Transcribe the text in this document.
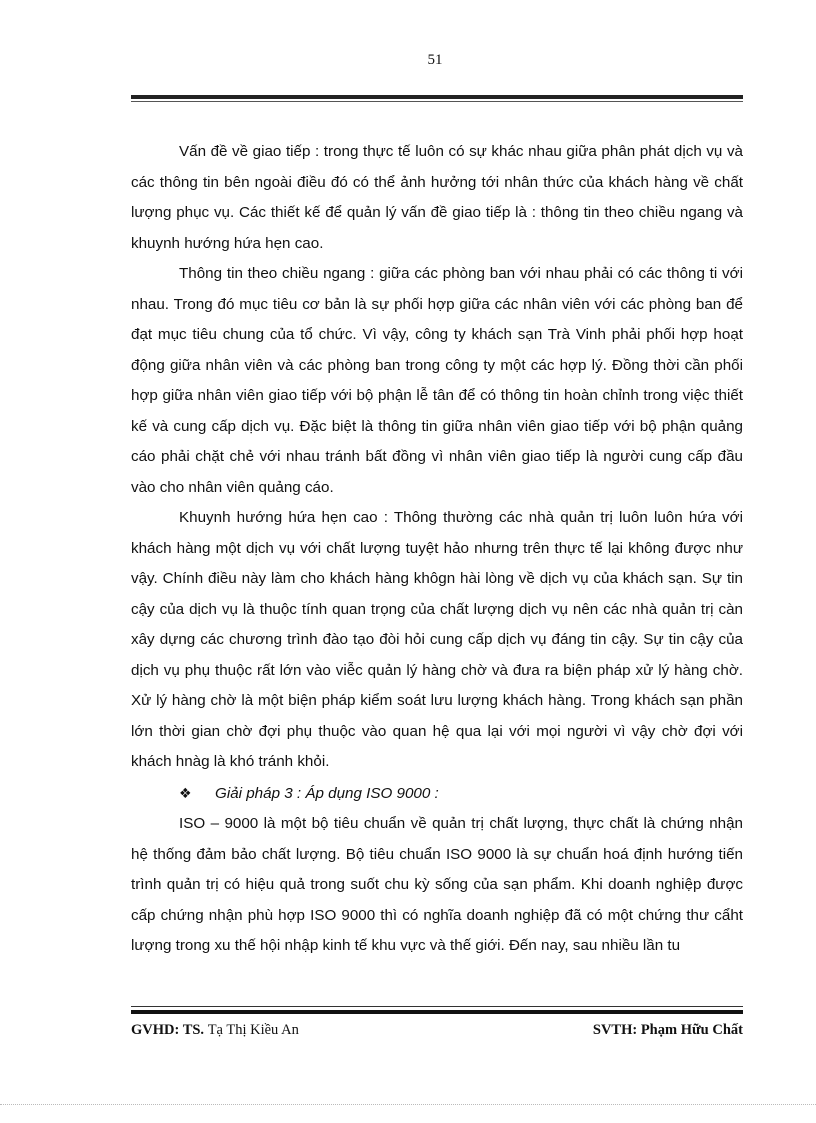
51

Vấn đề về giao tiếp : trong thực tế luôn có sự khác nhau giữa phân phát dịch vụ và các thông tin bên ngoài điều đó có thể ảnh hưởng tới nhân thức của khách hàng về chất lượng phục vụ. Các thiết kế để quản lý vấn đề giao tiếp là : thông tin theo chiều ngang và khuynh hướng hứa hẹn cao.

Thông tin theo chiều ngang : giữa các phòng ban với nhau phải có các thông ti với nhau. Trong đó mục tiêu cơ bản là sự phối hợp giữa các nhân viên với các phòng ban để đạt mục tiêu chung của tổ chức. Vì vậy, công ty khách sạn Trà Vinh phải phối hợp hoạt động giữa nhân viên và các phòng ban trong công ty một các hợp lý. Đồng thời cần phối hợp giữa nhân viên giao tiếp với bộ phận lễ tân để có thông tin hoàn chỉnh trong việc thiết kế và cung cấp dịch vụ. Đặc biệt là thông tin giữa nhân viên giao tiếp với bộ phận quảng cáo phải chặt chẻ với nhau tránh bất đồng vì nhân viên giao tiếp là người cung cấp đầu vào cho nhân viên quảng cáo.

Khuynh hướng hứa hẹn cao : Thông thường các nhà quản trị luôn luôn hứa với khách hàng một dịch vụ với chất lượng tuyệt hảo nhưng trên thực tế lại không được như vậy. Chính điều này làm cho khách hàng khôgn hài lòng về dịch vụ của khách sạn. Sự tin cậy của dịch vụ là thuộc tính quan trọng của chất lượng dịch vụ nên các nhà quản trị càn xây dựng các chương trình đào tạo đòi hỏi cung cấp dịch vụ đáng tin cậy. Sự tin cậy của dịch vụ phụ thuộc rất lớn vào viễc quản lý hàng chờ và đưa ra biện pháp xử lý hàng chờ. Xử lý hàng chờ là một biện pháp kiểm soát lưu lượng khách hàng. Trong khách sạn phần lớn thời gian chờ đợi phụ thuộc vào quan hệ qua lại với mọi người vì vậy chờ đợi với khách hnàg là khó tránh khỏi.

❖ Giải pháp 3 : Áp dụng ISO 9000 :

ISO – 9000 là một bộ tiêu chuẩn về quản trị chất lượng, thực chất là chứng nhận hệ thống đảm bảo chất lượng. Bộ tiêu chuẩn ISO 9000 là sự chuẩn hoá định hướng tiến trình quản trị có hiệu quả trong suốt chu kỳ sống của sạn phẩm. Khi doanh nghiệp được cấp chứng nhận phù hợp ISO 9000 thì có nghĩa doanh nghiệp đã có một chứng thư cẩht lượng trong xu thế hội nhập kinh tế khu vực và thế giới. Đến nay, sau nhiều lần tu

GVHD: TS. Tạ Thị Kiều An	SVTH: Phạm Hữu Chất
